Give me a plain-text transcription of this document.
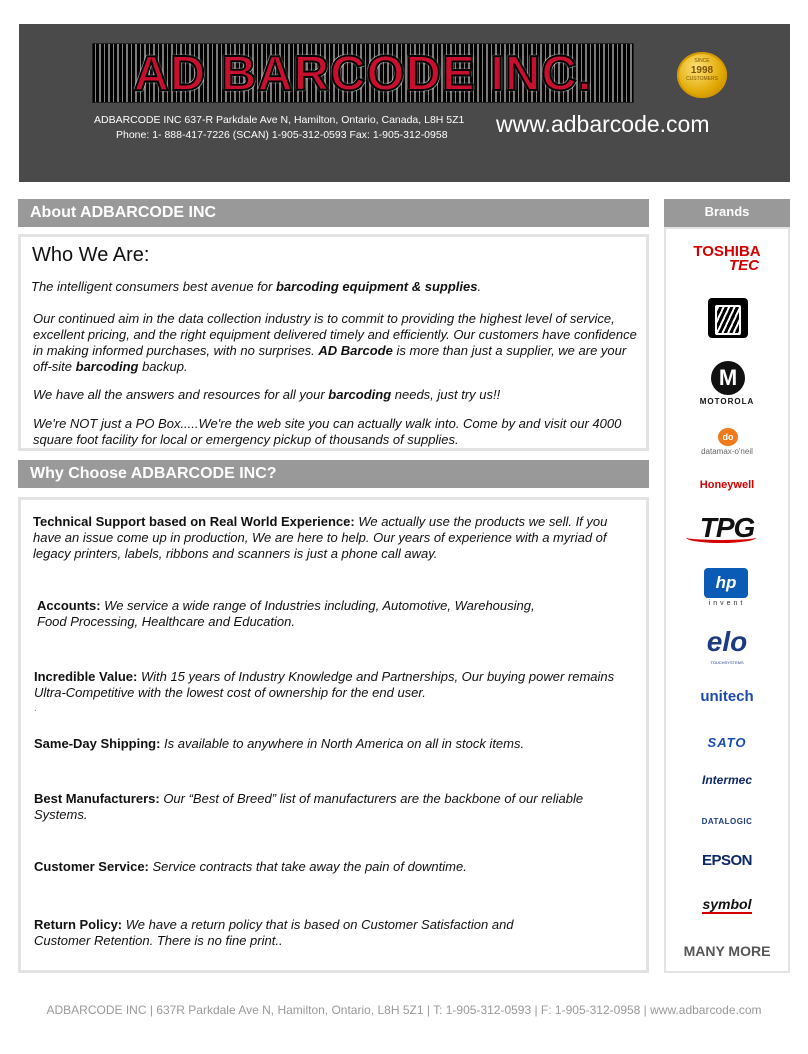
AD BARCODE INC.	SINCE
1998
CUSTOMERS
ADBARCODE INC 637-R Parkdale Ave N, Hamilton, Ontario, Canada, L8H 5Z1
Phone: 1- 888-417-7226 (SCAN) 1-905-312-0593 Fax: 1-905-312-0958 www.adbarcode.com
About ADBARCODE INC
Who We Are:
The intelligent consumers best avenue for barcoding equipment & supplies.
Our continued aim in the data collection industry is to commit to providing the highest level of service, excellent pricing, and the right equipment delivered timely and efficiently. Our customers have confidence in making informed purchases, with no surprises. AD Barcode is more than just a supplier, we are your off-site barcoding backup.
We have all the answers and resources for all your barcoding needs, just try us!!
We're NOT just a PO Box.....We're the web site you can actually walk into. Come by and visit our 4000 square foot facility for local or emergency pickup of thousands of supplies.
Why Choose ADBARCODE INC?
Technical Support based on Real World Experience: We actually use the products we sell. If you have an issue come up in production, We are here to help. Our years of experience with a myriad of legacy printers, labels, ribbons and scanners is just a phone call away.
Accounts: We service a wide range of Industries including, Automotive, Warehousing, Food Processing, Healthcare and Education.
Incredible Value: With 15 years of Industry Knowledge and Partnerships, Our buying power remains Ultra-Competitive with the lowest cost of ownership for the end user.
.
Same-Day Shipping: Is available to anywhere in North America on all in stock items.
Best Manufacturers: Our “Best of Breed” list of manufacturers are the backbone of our reliable Systems.
Customer Service: Service contracts that take away the pain of downtime.
Return Policy: We have a return policy that is based on Customer Satisfaction and Customer Retention. There is no fine print..
Brands
TOSHIBA
TEC
M
MOTOROLA
do
datamax-o'neil
Honeywell
TPG
hp
invent
elo
TOUCHSYSTEMS
unitech
SATO
Intermec
DATALOGIC
EPSON
symbol
MANY MORE
ADBARCODE INC | 637R Parkdale Ave N, Hamilton, Ontario, L8H 5Z1 | T: 1-905-312-0593 | F: 1-905-312-0958 | www.adbarcode.com
